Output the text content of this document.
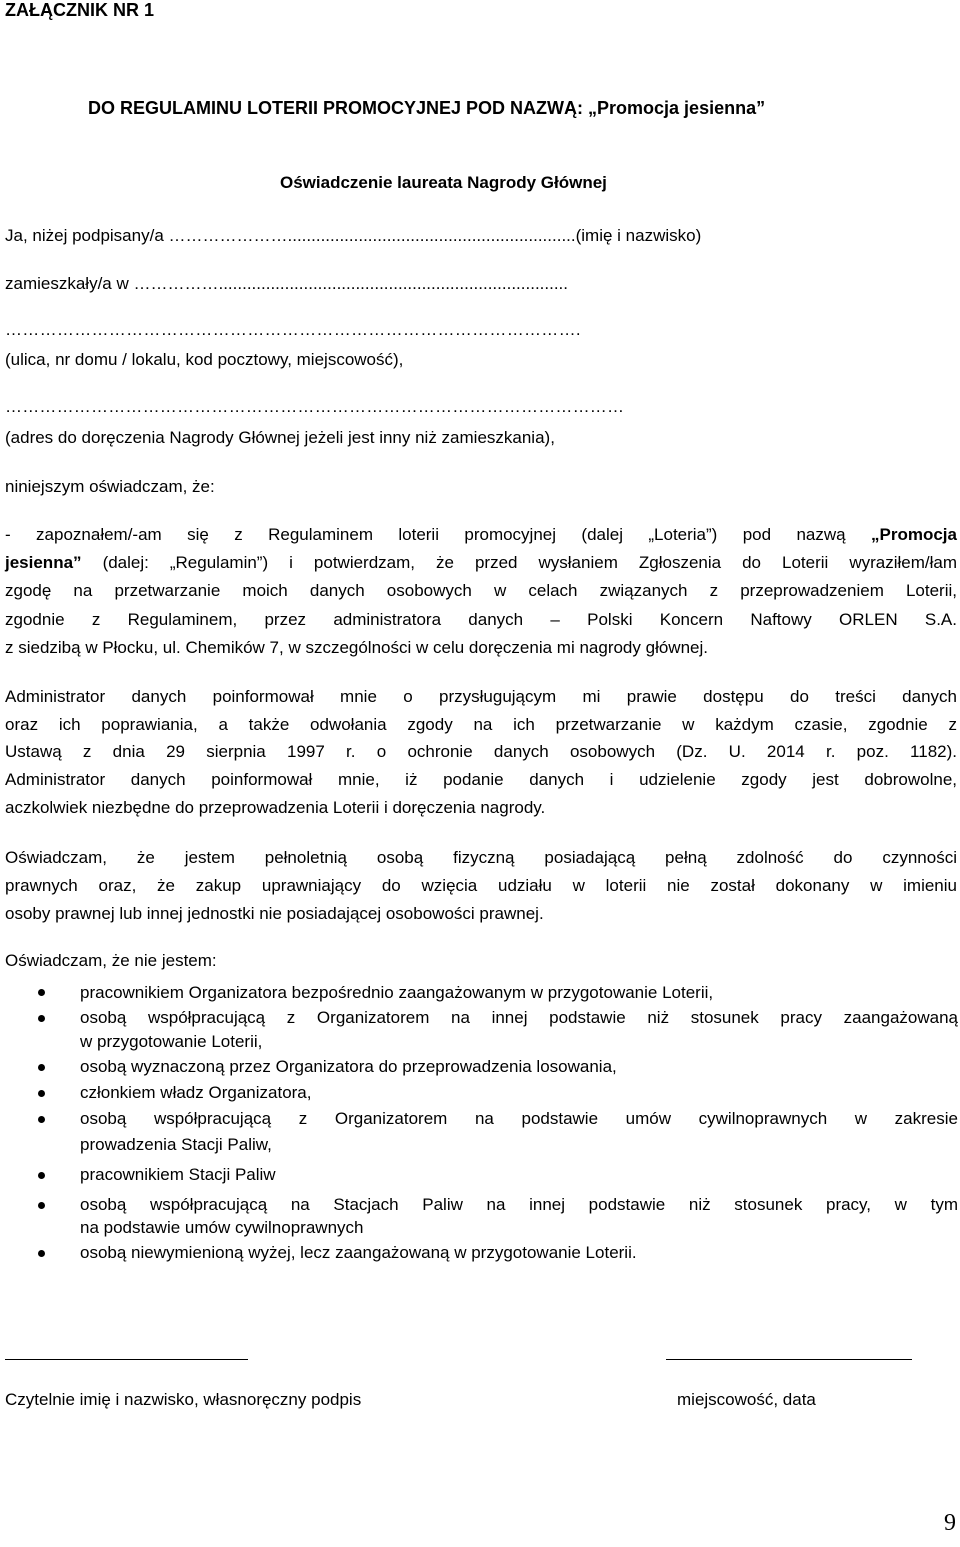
ZAŁĄCZNIK NR 1
DO REGULAMINU LOTERII PROMOCYJNEJ POD NAZWĄ: „Promocja jesienna”
Oświadczenie laureata Nagrody Głównej
Ja, niżej podpisany/a ………………….............................................................(imię i nazwisko)
zamieszkały/a w ……………..........................................................................
……………………………………………………………………………………….
(ulica, nr domu / lokalu, kod pocztowy, miejscowość),
………………………………………………………………………………………………
(adres do doręczenia Nagrody Głównej jeżeli jest inny niż zamieszkania),
niniejszym oświadczam, że:
- zapoznałem/-am się z Regulaminem loterii promocyjnej (dalej „Loteria”) pod nazwą „Promocja
jesienna” (dalej: „Regulamin”) i potwierdzam, że przed wysłaniem Zgłoszenia do Loterii wyraziłem/łam
zgodę na przetwarzanie moich danych osobowych w celach związanych z przeprowadzeniem Loterii,
zgodnie z Regulaminem, przez administratora danych – Polski Koncern Naftowy ORLEN S.A.
z siedzibą w Płocku, ul. Chemików 7, w szczególności w celu doręczenia mi nagrody głównej.
Administrator danych poinformował mnie o przysługującym mi prawie dostępu do treści danych
oraz ich poprawiania, a także odwołania zgody na ich przetwarzanie w każdym czasie, zgodnie z
Ustawą z dnia 29 sierpnia 1997 r. o ochronie danych osobowych (Dz. U. 2014 r. poz. 1182).
Administrator danych poinformował mnie, iż podanie danych i udzielenie zgody jest dobrowolne,
aczkolwiek niezbędne do przeprowadzenia Loterii i doręczenia nagrody.
Oświadczam, że jestem pełnoletnią osobą fizyczną posiadającą pełną zdolność do czynności
prawnych oraz, że zakup uprawniający do wzięcia udziału w loterii nie został dokonany w imieniu
osoby prawnej lub innej jednostki nie posiadającej osobowości prawnej.
Oświadczam, że nie jestem:
pracownikiem Organizatora bezpośrednio zaangażowanym w przygotowanie Loterii,
osobą współpracującą z Organizatorem na innej podstawie niż stosunek pracy zaangażowaną
w przygotowanie Loterii,
osobą wyznaczoną przez Organizatora do przeprowadzenia losowania,
członkiem władz Organizatora,
osobą współpracującą z Organizatorem na podstawie umów cywilnoprawnych w zakresie
prowadzenia Stacji Paliw,
pracownikiem Stacji Paliw
osobą współpracującą na Stacjach Paliw na innej podstawie niż stosunek pracy, w tym
na podstawie umów cywilnoprawnych
osobą niewymienioną wyżej, lecz zaangażowaną w przygotowanie Loterii.
Czytelnie imię i nazwisko, własnoręczny podpis	miejscowość, data
9
